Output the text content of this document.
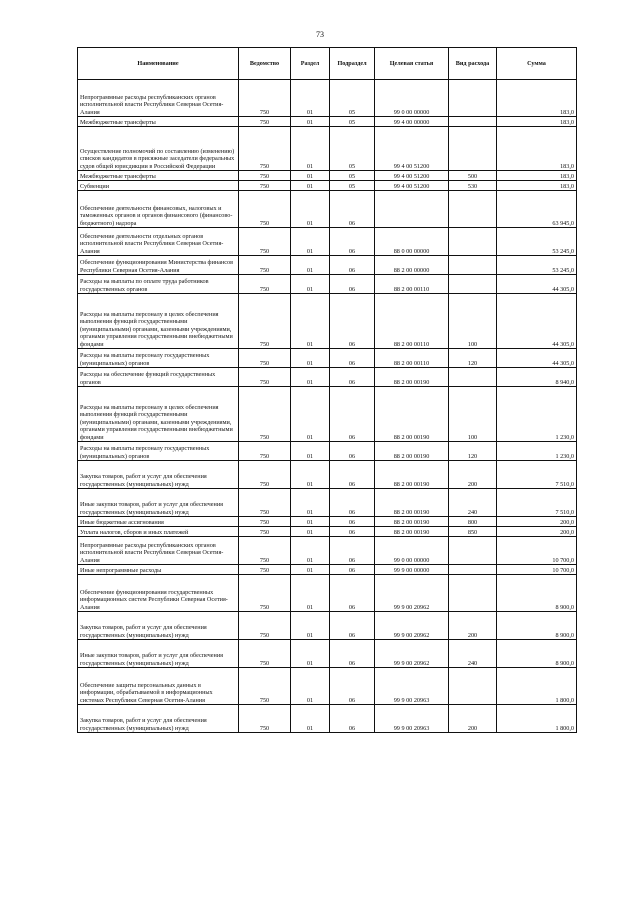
73
Наименование	Ведомство	Раздел	Подраздел	Целевая статья	Вид расхода	Сумма
Непрограммные расходы республиканских органов исполнительной власти Республики Северная Осетия-Алания	750	01	05	99 0 00 00000		183,0
Межбюджетные трансферты	750	01	05	99 4 00 00000		183,0
Осуществление полномочий по составлению (изменению) списков кандидатов в присяжные заседатели федеральных судов общей юрисдикции в Российской Федерации	750	01	05	99 4 00 51200		183,0
Межбюджетные трансферты	750	01	05	99 4 00 51200	500	183,0
Субвенции	750	01	05	99 4 00 51200	530	183,0
Обеспечение деятельности финансовых, налоговых и таможенных органов и органов финансового (финансово-бюджетного) надзора	750	01	06			63 945,0
Обеспечение деятельности отдельных органов исполнительной власти Республики Северная Осетия-Алания	750	01	06	88 0 00 00000		53 245,0
Обеспечение функционирования Министерства финансов Республики Северная Осетия-Алания	750	01	06	88 2 00 00000		53 245,0
Расходы на выплаты по оплате труда работников государственных органов	750	01	06	88 2 00 00110		44 305,0
Расходы на выплаты персоналу в целях обеспечения выполнения функций государственными (муниципальными) органами, казенными учреждениями, органами управления государственными внебюджетными фондами	750	01	06	88 2 00 00110	100	44 305,0
Расходы на выплаты персоналу государственных (муниципальных) органов	750	01	06	88 2 00 00110	120	44 305,0
Расходы на обеспечение функций государственных органов	750	01	06	88 2 00 00190		8 940,0
Расходы на выплаты персоналу в целях обеспечения выполнения функций государственными (муниципальными) органами, казенными учреждениями, органами управления государственными внебюджетными фондами	750	01	06	88 2 00 00190	100	1 230,0
Расходы на выплаты персоналу государственных (муниципальных) органов	750	01	06	88 2 00 00190	120	1 230,0
Закупка товаров, работ и услуг для обеспечения государственных (муниципальных) нужд	750	01	06	88 2 00 00190	200	7 510,0
Иные закупки товаров, работ и услуг для обеспечения государственных (муниципальных) нужд	750	01	06	88 2 00 00190	240	7 510,0
Иные бюджетные ассигнования	750	01	06	88 2 00 00190	800	200,0
Уплата налогов, сборов и иных платежей	750	01	06	88 2 00 00190	850	200,0
Непрограммные расходы республиканских органов исполнительной власти Республики Северная Осетия-Алания	750	01	06	99 0 00 00000		10 700,0
Иные непрограммные расходы	750	01	06	99 9 00 00000		10 700,0
Обеспечение функционирования государственных информационных систем Республики Северная Осетия-Алания	750	01	06	99 9 00 20962		8 900,0
Закупка товаров, работ и услуг для обеспечения государственных (муниципальных) нужд	750	01	06	99 9 00 20962	200	8 900,0
Иные закупки товаров, работ и услуг для обеспечения государственных (муниципальных) нужд	750	01	06	99 9 00 20962	240	8 900,0
Обеспечение защиты персональных данных в информации, обрабатываемой в информационных системах Республики Северная Осетия-Алания	750	01	06	99 9 00 20963		1 800,0
Закупка товаров, работ и услуг для обеспечения государственных (муниципальных) нужд	750	01	06	99 9 00 20963	200	1 800,0
